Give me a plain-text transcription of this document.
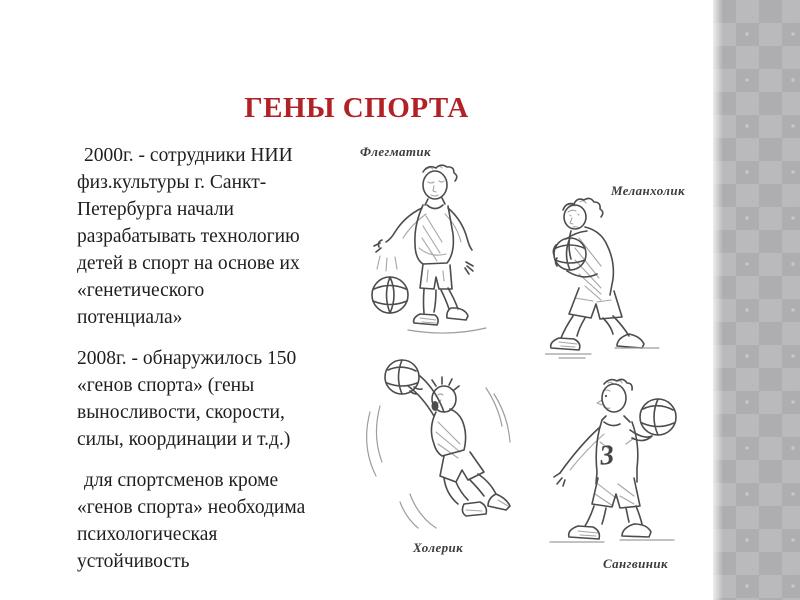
ГЕНЫ СПОРТА
2000г. - сотрудники НИИ
физ.культуры г. Санкт-
Петербурга начали
разрабатывать технологию
детей в спорт на основе их
«генетического
потенциала»
2008г. - обнаружилось 150
«генов спорта» (гены
выносливости, скорости,
силы, координации и т.д.)
для спортсменов кроме
«генов спорта» необходима
психологическая
устойчивость
Флегматик
Меланхолик
Холерик
Сангвиник
3
